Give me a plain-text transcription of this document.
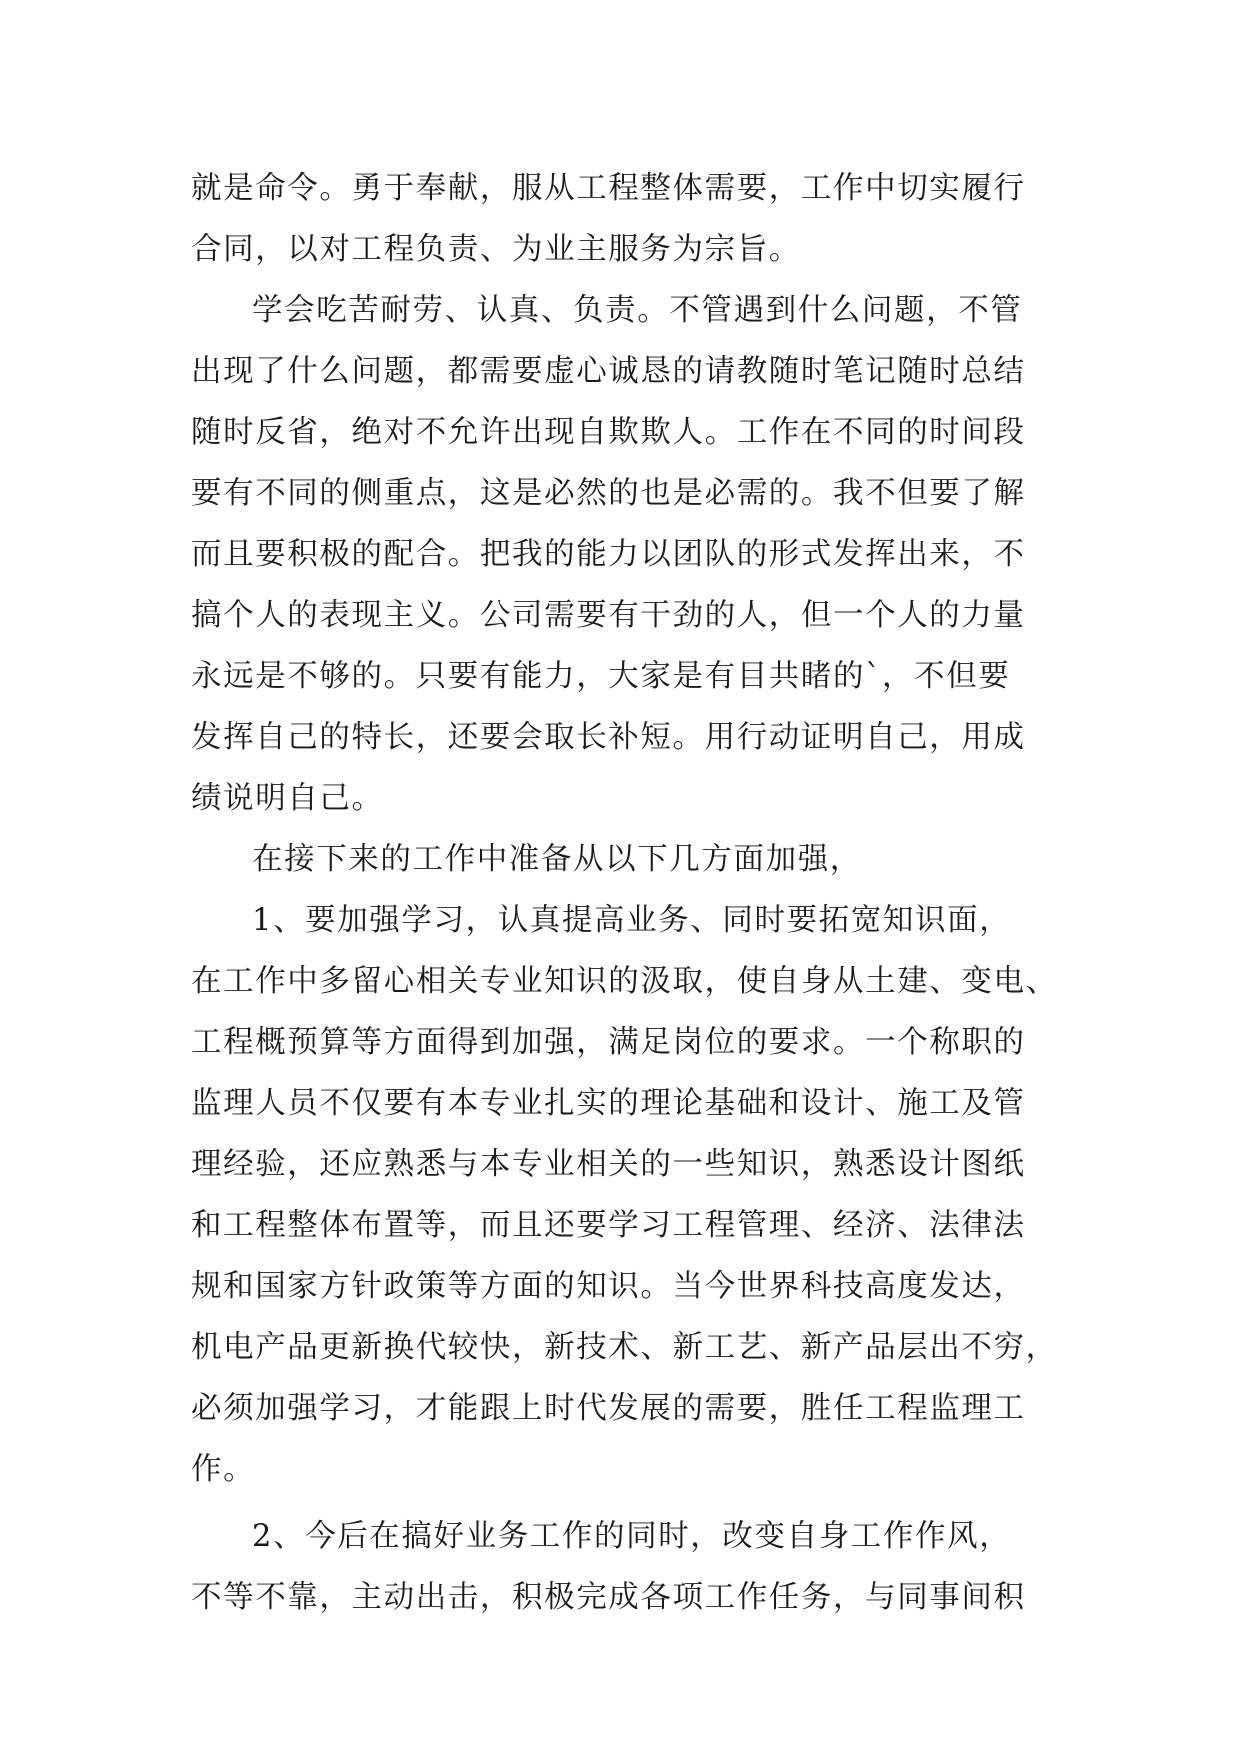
就是命令。勇于奉献，服从工程整体需要，工作中切实履行
合同，以对工程负责、为业主服务为宗旨。
学会吃苦耐劳、认真、负责。不管遇到什么问题，不管
出现了什么问题，都需要虚心诚恳的请教随时笔记随时总结
随时反省，绝对不允许出现自欺欺人。工作在不同的时间段
要有不同的侧重点，这是必然的也是必需的。我不但要了解
而且要积极的配合。把我的能力以团队的形式发挥出来，不
搞个人的表现主义。公司需要有干劲的人，但一个人的力量
永远是不够的。只要有能力，大家是有目共睹的`，不但要
发挥自己的特长，还要会取长补短。用行动证明自己，用成
绩说明自己。
在接下来的工作中准备从以下几方面加强，
1、要加强学习，认真提高业务、同时要拓宽知识面，
在工作中多留心相关专业知识的汲取，使自身从土建、变电、
工程概预算等方面得到加强，满足岗位的要求。一个称职的
监理人员不仅要有本专业扎实的理论基础和设计、施工及管
理经验，还应熟悉与本专业相关的一些知识，熟悉设计图纸
和工程整体布置等，而且还要学习工程管理、经济、法律法
规和国家方针政策等方面的知识。当今世界科技高度发达，
机电产品更新换代较快，新技术、新工艺、新产品层出不穷，
必须加强学习，才能跟上时代发展的需要，胜任工程监理工
作。
2、今后在搞好业务工作的同时，改变自身工作作风，
不等不靠，主动出击，积极完成各项工作任务，与同事间积
